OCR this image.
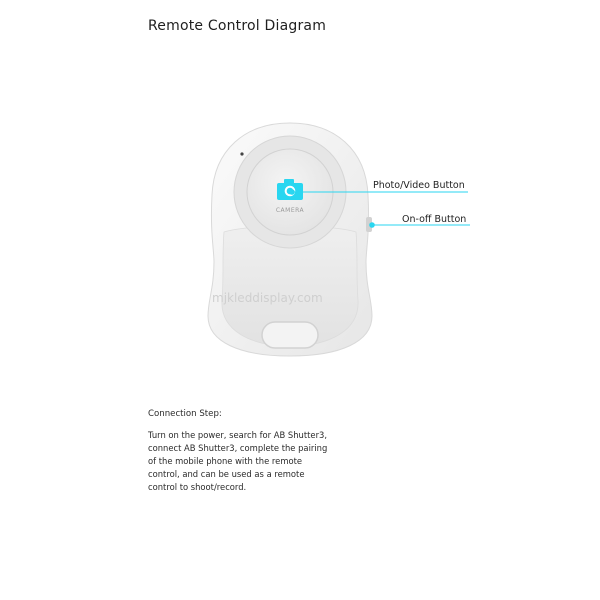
Remote Control Diagram
CAMERA
Photo/Video Button
On-off Button
mjkleddisplay.com

Connection Step:

Turn on the power, search for AB Shutter3, connect AB Shutter3, complete the pairing of the mobile phone with the remote control, and can be used as a remote control to shoot/record.
